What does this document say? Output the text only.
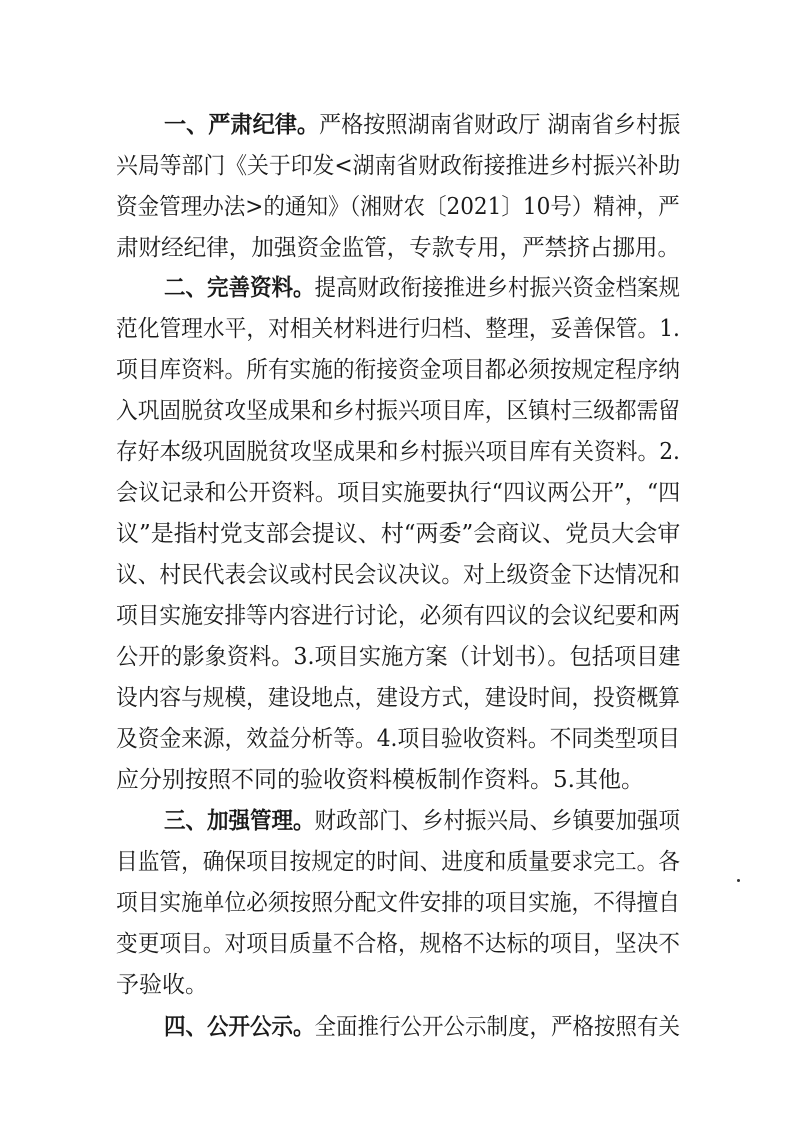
一、严肃纪律。严格按照湖南省财政厅 湖南省乡村振
兴局等部门《关于印发<湖南省财政衔接推进乡村振兴补助
资金管理办法>的通知》（湘财农〔2021〕10号）精神，严
肃财经纪律，加强资金监管，专款专用，严禁挤占挪用。
二、完善资料。提高财政衔接推进乡村振兴资金档案规
范化管理水平，对相关材料进行归档、整理，妥善保管。1.
项目库资料。所有实施的衔接资金项目都必须按规定程序纳
入巩固脱贫攻坚成果和乡村振兴项目库，区镇村三级都需留
存好本级巩固脱贫攻坚成果和乡村振兴项目库有关资料。2.
会议记录和公开资料。项目实施要执行“四议两公开”，“四
议”是指村党支部会提议、村“两委”会商议、党员大会审
议、村民代表会议或村民会议决议。对上级资金下达情况和
项目实施安排等内容进行讨论，必须有四议的会议纪要和两
公开的影象资料。3.项目实施方案（计划书）。包括项目建
设内容与规模，建设地点，建设方式，建设时间，投资概算
及资金来源，效益分析等。4.项目验收资料。不同类型项目
应分别按照不同的验收资料模板制作资料。5.其他。
三、加强管理。财政部门、乡村振兴局、乡镇要加强项
目监管，确保项目按规定的时间、进度和质量要求完工。各
项目实施单位必须按照分配文件安排的项目实施，不得擅自
变更项目。对项目质量不合格，规格不达标的项目，坚决不
予验收。
四、公开公示。全面推行公开公示制度，严格按照有关
